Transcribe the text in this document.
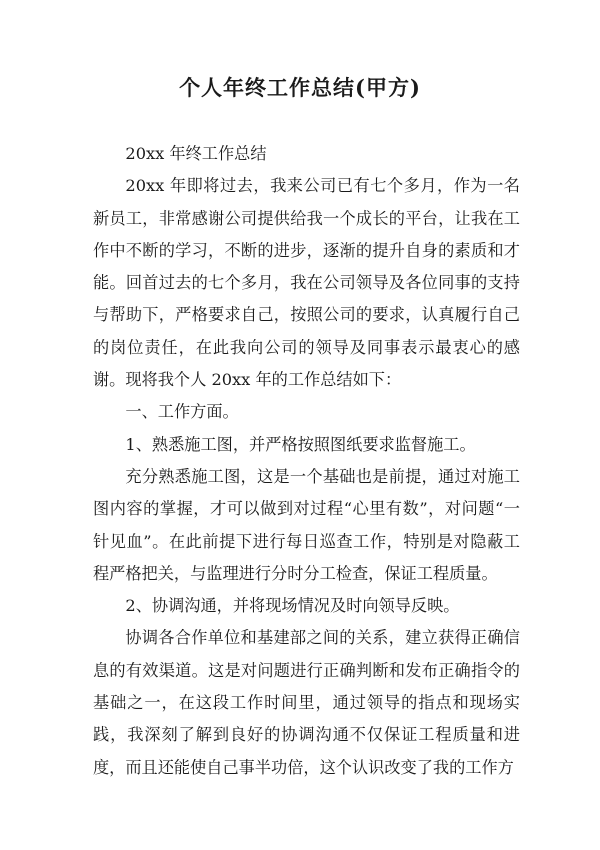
个人年终工作总结(甲方)

20xx 年终工作总结

20xx 年即将过去，我来公司已有七个多月，作为一名新员工，非常感谢公司提供给我一个成长的平台，让我在工作中不断的学习，不断的进步，逐渐的提升自身的素质和才能。回首过去的七个多月，我在公司领导及各位同事的支持与帮助下，严格要求自己，按照公司的要求，认真履行自己的岗位责任，在此我向公司的领导及同事表示最衷心的感谢。现将我个人 20xx 年的工作总结如下：

一、工作方面。

1、熟悉施工图，并严格按照图纸要求监督施工。

充分熟悉施工图，这是一个基础也是前提，通过对施工图内容的掌握，才可以做到对过程“心里有数”，对问题“一针见血”。在此前提下进行每日巡查工作，特别是对隐蔽工程严格把关，与监理进行分时分工检查，保证工程质量。

2、协调沟通，并将现场情况及时向领导反映。

协调各合作单位和基建部之间的关系，建立获得正确信息的有效渠道。这是对问题进行正确判断和发布正确指令的基础之一，在这段工作时间里，通过领导的指点和现场实践，我深刻了解到良好的协调沟通不仅保证工程质量和进度，而且还能使自己事半功倍，这个认识改变了我的工作方
